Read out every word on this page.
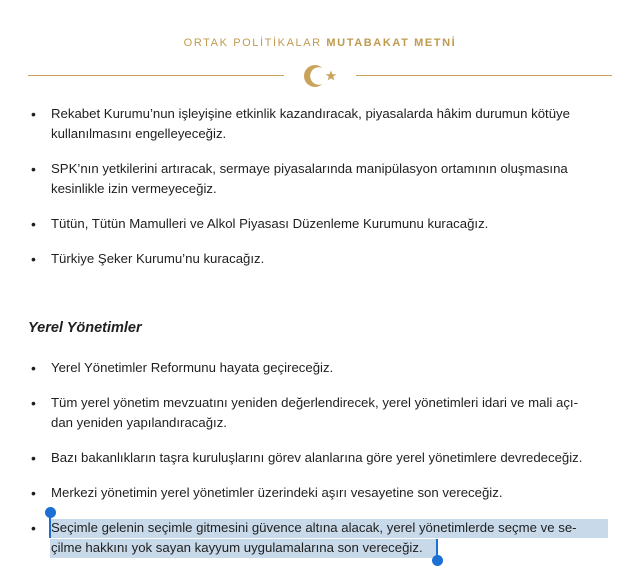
ORTAK POLİTİKALAR MUTABAKAT METNİ
•	Rekabet Kurumu’nun işleyişine etkinlik kazandıracak, piyasalarda hâkim durumun kötüye
kullanılmasını engelleyeceğiz.
•	SPK’nın yetkilerini artıracak, sermaye piyasalarında manipülasyon ortamının oluşmasına
kesinlikle izin vermeyeceğiz.
•	Tütün, Tütün Mamulleri ve Alkol Piyasası Düzenleme Kurumunu kuracağız.
•	Türkiye Şeker Kurumu’nu kuracağız.
Yerel Yönetimler
•	Yerel Yönetimler Reformunu hayata geçireceğiz.
•	Tüm yerel yönetim mevzuatını yeniden değerlendirecek, yerel yönetimleri idari ve mali açı-
dan yeniden yapılandıracağız.
•	Bazı bakanlıkların taşra kuruluşlarını görev alanlarına göre yerel yönetimlere devredeceğiz.
•	Merkezi yönetimin yerel yönetimler üzerindeki aşırı vesayetine son vereceğiz.
•	Seçimle gelenin seçimle gitmesini güvence altına alacak, yerel yönetimlerde seçme ve se-
çilme hakkını yok sayan kayyum uygulamalarına son vereceğiz.
